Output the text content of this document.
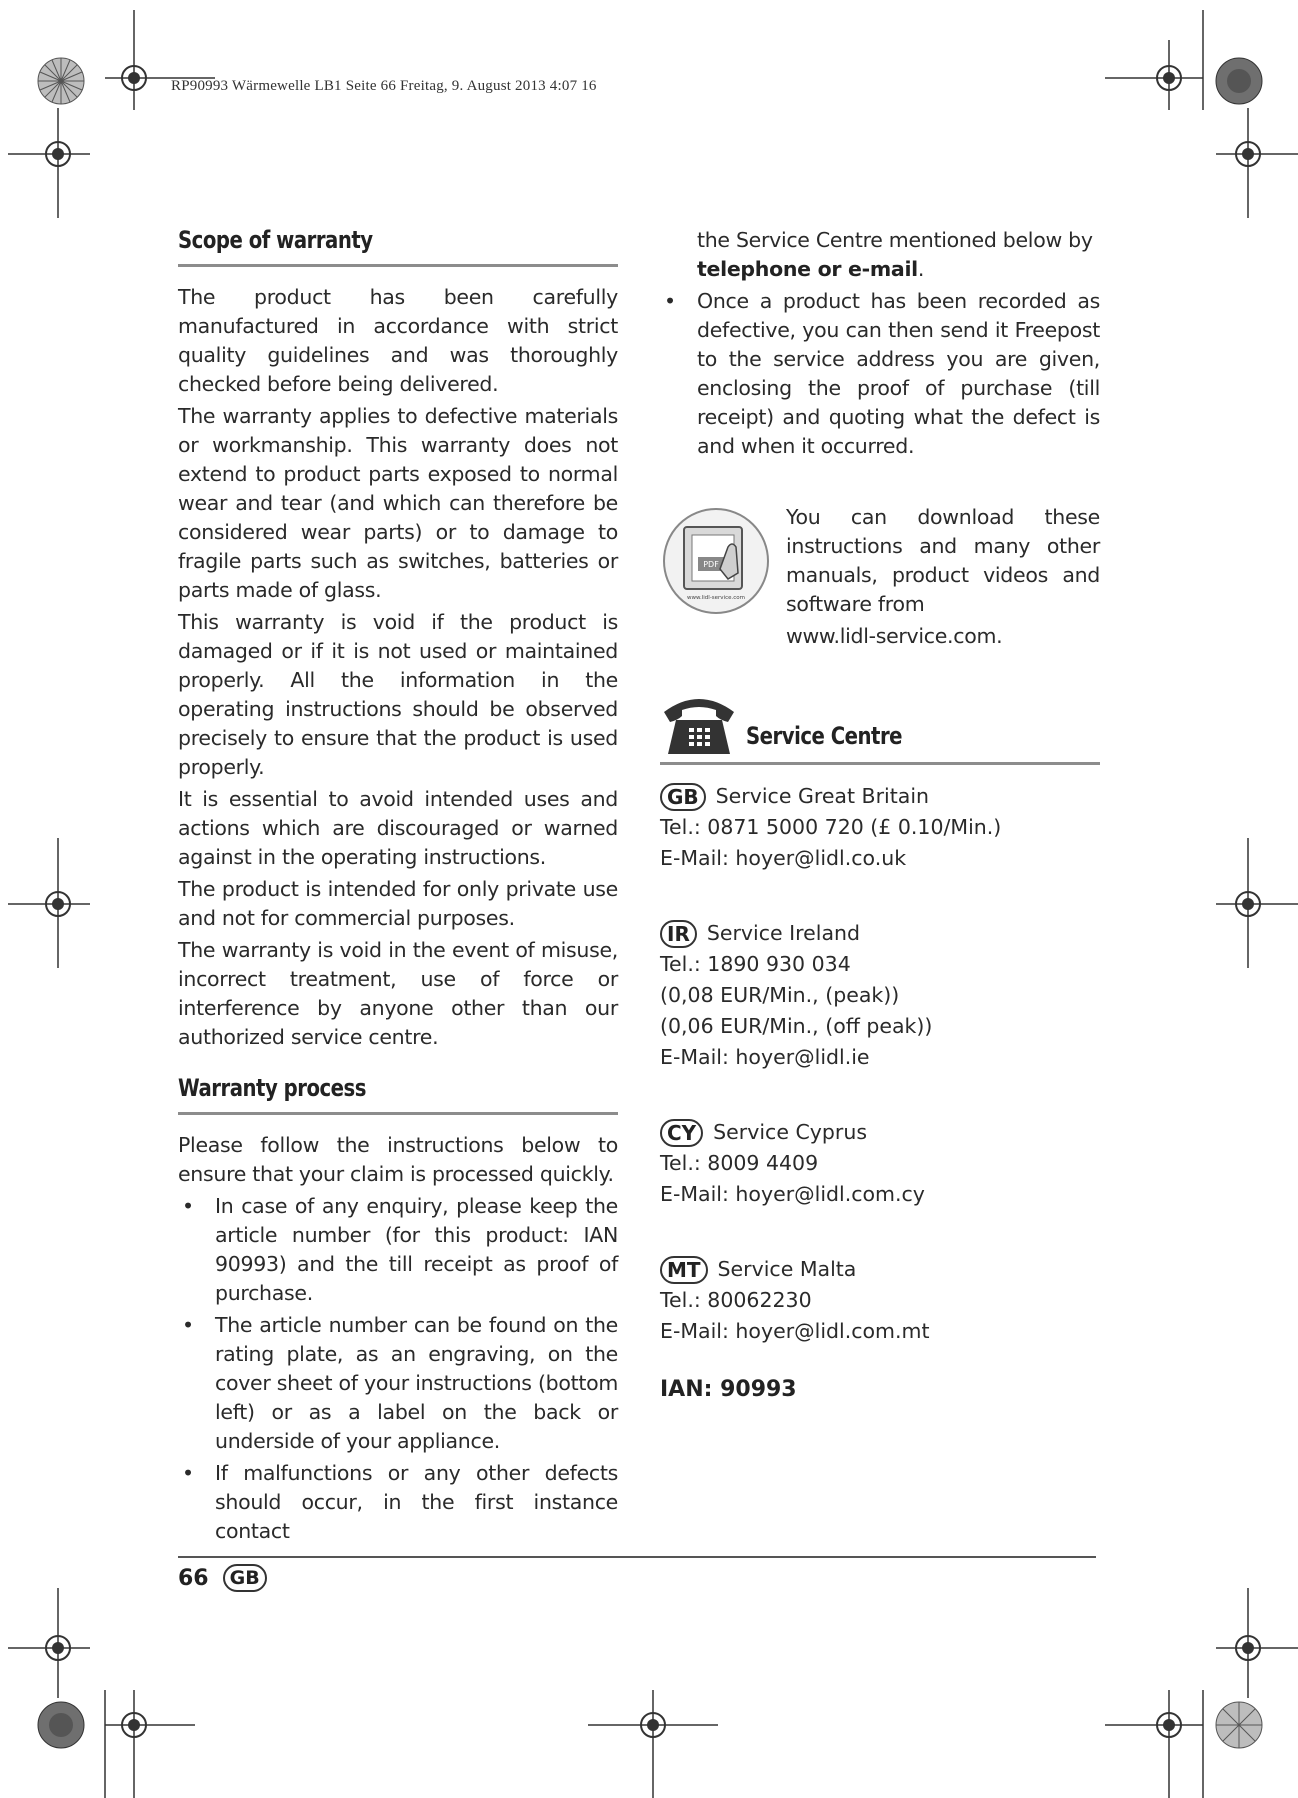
RP90993 Wärmewelle LB1 Seite 66 Freitag, 9. August 2013 4:07 16
Scope of warranty

The product has been carefully manufactured in accordance with strict quality guidelines and was thoroughly checked before being delivered.

The warranty applies to defective materials or workmanship. This warranty does not extend to product parts exposed to normal wear and tear (and which can therefore be considered wear parts) or to damage to fragile parts such as switches, batteries or parts made of glass.

This warranty is void if the product is damaged or if it is not used or maintained properly. All the information in the operating instructions should be observed precisely to ensure that the product is used properly.

It is essential to avoid intended uses and actions which are discouraged or warned against in the operating instructions.

The product is intended for only private use and not for commercial purposes.

The warranty is void in the event of misuse, incorrect treatment, use of force or interference by anyone other than our authorized service centre.

Warranty process

Please follow the instructions below to ensure that your claim is processed quickly.

• In case of any enquiry, please keep the article number (for this product: IAN 90993) and the till receipt as proof of purchase.
• The article number can be found on the rating plate, as an engraving, on the cover sheet of your instructions (bottom left) or as a label on the back or underside of your appliance.
• If malfunctions or any other defects should occur, in the first instance contact
the Service Centre mentioned below by telephone or e-mail.
• Once a product has been recorded as defective, you can then send it Freepost to the service address you are given, enclosing the proof of purchase (till receipt) and quoting what the defect is and when it occurred.
PDF
www.lidl-service.com

You can download these instructions and many other manuals, product videos and software from

www.lidl-service.com.

Service Centre
GB Service Great Britain
Tel.: 0871 5000 720 (£ 0.10/Min.)
E-Mail: hoyer@lidl.co.uk
IR Service Ireland
Tel.: 1890 930 034
(0,08 EUR/Min., (peak))
(0,06 EUR/Min., (off peak))
E-Mail: hoyer@lidl.ie
CY Service Cyprus
Tel.: 8009 4409
E-Mail: hoyer@lidl.com.cy
MT Service Malta
Tel.: 80062230
E-Mail: hoyer@lidl.com.mt
IAN: 90993
66	GB
